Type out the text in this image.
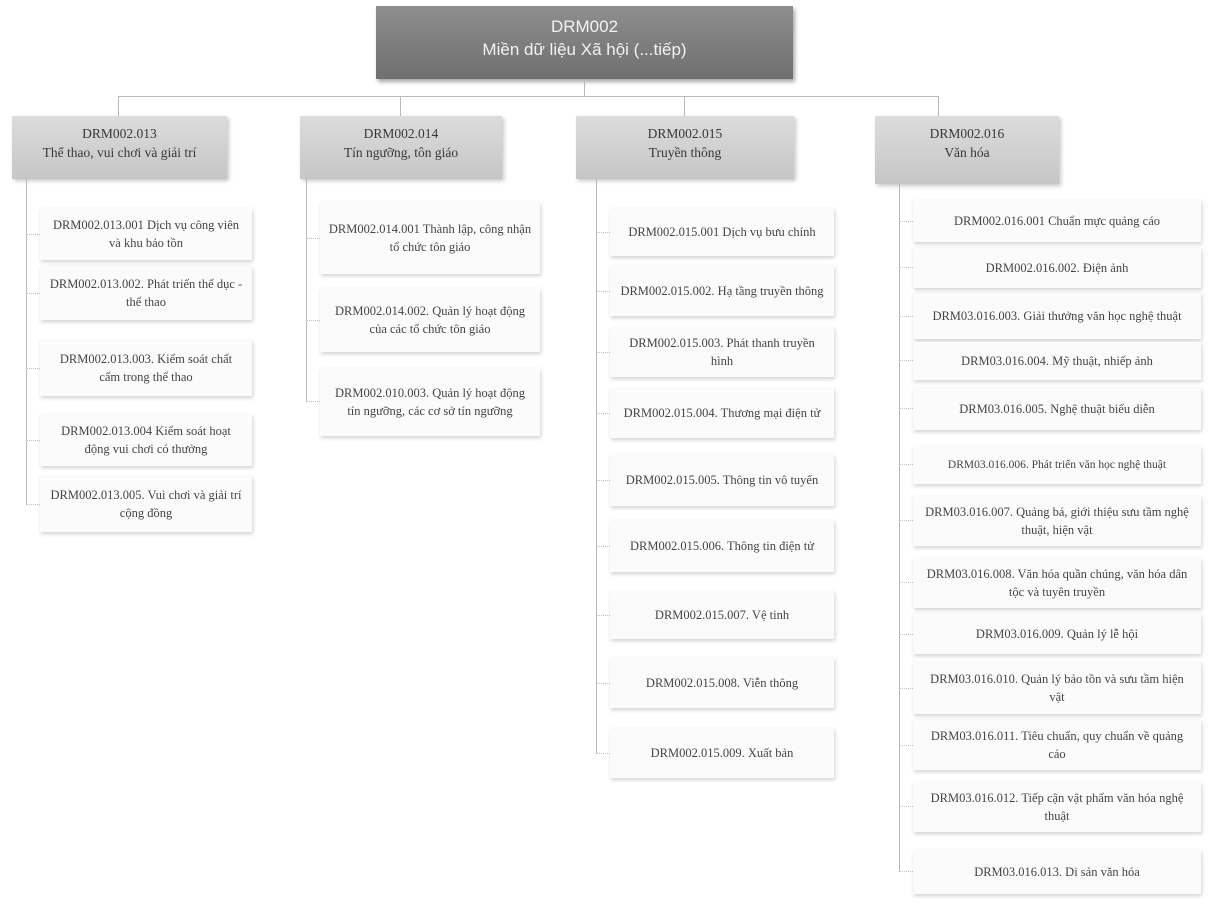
DRM002
Miền dữ liệu Xã hội (...tiếp)
DRM002.013
Thể thao, vui chơi và giải trí
DRM002.013.001 Dịch vụ công viên và khu bảo tồn
DRM002.013.002. Phát triển thể dục - thể thao
DRM002.013.003. Kiểm soát chất cấm trong thể thao
DRM002.013.004 Kiểm soát hoạt động vui chơi có thưởng
DRM002.013.005. Vui chơi và giải trí cộng đồng
DRM002.014
Tín ngưỡng, tôn giáo
DRM002.014.001 Thành lập, công nhận tổ chức tôn giáo
DRM002.014.002. Quản lý hoạt động của các tổ chức tôn giáo
DRM002.010.003. Quản lý hoạt động tín ngưỡng, các cơ sở tín ngưỡng
DRM002.015
Truyền thông
DRM002.015.001 Dịch vụ bưu chính
DRM002.015.002. Hạ tầng truyền thông
DRM002.015.003. Phát thanh truyền hình
DRM002.015.004. Thương mại điện tử
DRM002.015.005. Thông tin vô tuyến
DRM002.015.006. Thông tin điện tử
DRM002.015.007. Vệ tinh
DRM002.015.008. Viễn thông
DRM002.015.009. Xuất bản
DRM002.016
Văn hóa
DRM002.016.001 Chuẩn mực quảng cáo
DRM002.016.002. Điện ảnh
DRM03.016.003. Giải thưởng văn học nghệ thuật
DRM03.016.004. Mỹ thuật, nhiếp ảnh
DRM03.016.005. Nghệ thuật biểu diễn
DRM03.016.006. Phát triển văn học nghệ thuật
DRM03.016.007. Quảng bá, giới thiệu sưu tầm nghệ thuật, hiện vật
DRM03.016.008. Văn hóa quần chúng, văn hóa dân tộc và tuyên truyền
DRM03.016.009. Quản lý lễ hội
DRM03.016.010. Quản lý bảo tồn và sưu tầm hiện vật
DRM03.016.011. Tiêu chuẩn, quy chuẩn về quảng cáo
DRM03.016.012. Tiếp cận vật phẩm văn hóa nghệ thuật
DRM03.016.013. Di sản văn hóa
